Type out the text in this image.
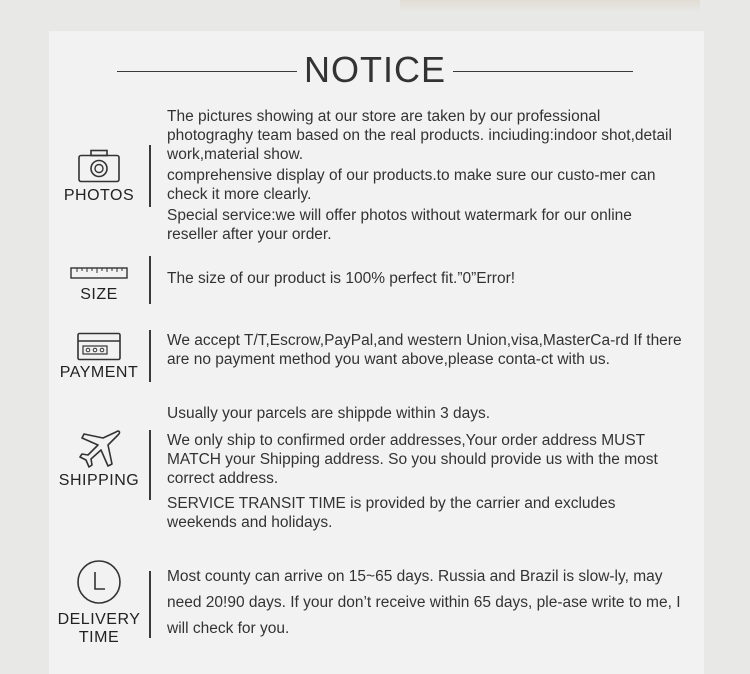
NOTICE
PHOTOS

The pictures showing at our store are taken by our professional photograghy team based on the real products. inciuding:indoor shot,detail work,material show.

comprehensive display of our products.to make sure our custo-mer can check it more clearly.

Special service:we will offer photos without watermark for our online reseller after your order.

SIZE

The size of our product is 100% perfect fit.”0”Error!

PAYMENT

We accept T/T,Escrow,PayPal,and western Union,visa,MasterCa-rd If there are no payment method you want above,please conta-ct with us.

SHIPPING

Usually your parcels are shippde within 3 days.

We only ship to confirmed order addresses,Your order address MUST MATCH your Shipping address. So you should provide us with the most correct address.

SERVICE TRANSIT TIME is provided by the carrier and excludes weekends and holidays.

DELIVERY
TIME

Most county can arrive on 15~65 days. Russia and Brazil is slow-ly, may need 20!90 days. If your don’t receive within 65 days, ple-ase write to me, I will check for you.
